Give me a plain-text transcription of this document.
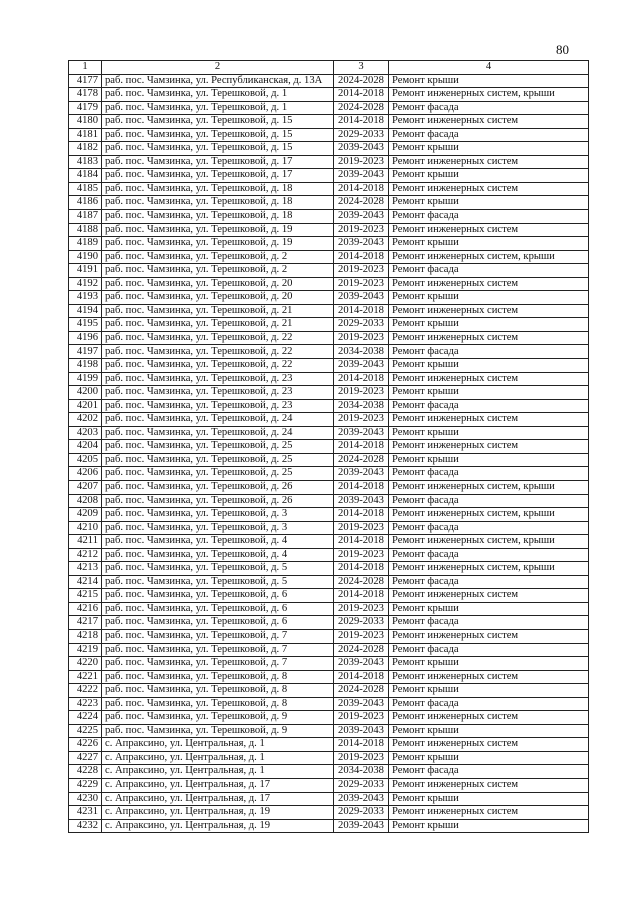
80
1	2	3	4
4177	раб. пос. Чамзинка, ул. Республиканская, д. 13А	2024-2028	Ремонт крыши
4178	раб. пос. Чамзинка, ул. Терешковой, д. 1	2014-2018	Ремонт инженерных систем, крыши
4179	раб. пос. Чамзинка, ул. Терешковой, д. 1	2024-2028	Ремонт фасада
4180	раб. пос. Чамзинка, ул. Терешковой, д. 15	2014-2018	Ремонт инженерных систем
4181	раб. пос. Чамзинка, ул. Терешковой, д. 15	2029-2033	Ремонт фасада
4182	раб. пос. Чамзинка, ул. Терешковой, д. 15	2039-2043	Ремонт крыши
4183	раб. пос. Чамзинка, ул. Терешковой, д. 17	2019-2023	Ремонт инженерных систем
4184	раб. пос. Чамзинка, ул. Терешковой, д. 17	2039-2043	Ремонт крыши
4185	раб. пос. Чамзинка, ул. Терешковой, д. 18	2014-2018	Ремонт инженерных систем
4186	раб. пос. Чамзинка, ул. Терешковой, д. 18	2024-2028	Ремонт крыши
4187	раб. пос. Чамзинка, ул. Терешковой, д. 18	2039-2043	Ремонт фасада
4188	раб. пос. Чамзинка, ул. Терешковой, д. 19	2019-2023	Ремонт инженерных систем
4189	раб. пос. Чамзинка, ул. Терешковой, д. 19	2039-2043	Ремонт крыши
4190	раб. пос. Чамзинка, ул. Терешковой, д. 2	2014-2018	Ремонт инженерных систем, крыши
4191	раб. пос. Чамзинка, ул. Терешковой, д. 2	2019-2023	Ремонт фасада
4192	раб. пос. Чамзинка, ул. Терешковой, д. 20	2019-2023	Ремонт инженерных систем
4193	раб. пос. Чамзинка, ул. Терешковой, д. 20	2039-2043	Ремонт крыши
4194	раб. пос. Чамзинка, ул. Терешковой, д. 21	2014-2018	Ремонт инженерных систем
4195	раб. пос. Чамзинка, ул. Терешковой, д. 21	2029-2033	Ремонт крыши
4196	раб. пос. Чамзинка, ул. Терешковой, д. 22	2019-2023	Ремонт инженерных систем
4197	раб. пос. Чамзинка, ул. Терешковой, д. 22	2034-2038	Ремонт фасада
4198	раб. пос. Чамзинка, ул. Терешковой, д. 22	2039-2043	Ремонт крыши
4199	раб. пос. Чамзинка, ул. Терешковой, д. 23	2014-2018	Ремонт инженерных систем
4200	раб. пос. Чамзинка, ул. Терешковой, д. 23	2019-2023	Ремонт крыши
4201	раб. пос. Чамзинка, ул. Терешковой, д. 23	2034-2038	Ремонт фасада
4202	раб. пос. Чамзинка, ул. Терешковой, д. 24	2019-2023	Ремонт инженерных систем
4203	раб. пос. Чамзинка, ул. Терешковой, д. 24	2039-2043	Ремонт крыши
4204	раб. пос. Чамзинка, ул. Терешковой, д. 25	2014-2018	Ремонт инженерных систем
4205	раб. пос. Чамзинка, ул. Терешковой, д. 25	2024-2028	Ремонт крыши
4206	раб. пос. Чамзинка, ул. Терешковой, д. 25	2039-2043	Ремонт фасада
4207	раб. пос. Чамзинка, ул. Терешковой, д. 26	2014-2018	Ремонт инженерных систем, крыши
4208	раб. пос. Чамзинка, ул. Терешковой, д. 26	2039-2043	Ремонт фасада
4209	раб. пос. Чамзинка, ул. Терешковой, д. 3	2014-2018	Ремонт инженерных систем, крыши
4210	раб. пос. Чамзинка, ул. Терешковой, д. 3	2019-2023	Ремонт фасада
4211	раб. пос. Чамзинка, ул. Терешковой, д. 4	2014-2018	Ремонт инженерных систем, крыши
4212	раб. пос. Чамзинка, ул. Терешковой, д. 4	2019-2023	Ремонт фасада
4213	раб. пос. Чамзинка, ул. Терешковой, д. 5	2014-2018	Ремонт инженерных систем, крыши
4214	раб. пос. Чамзинка, ул. Терешковой, д. 5	2024-2028	Ремонт фасада
4215	раб. пос. Чамзинка, ул. Терешковой, д. 6	2014-2018	Ремонт инженерных систем
4216	раб. пос. Чамзинка, ул. Терешковой, д. 6	2019-2023	Ремонт крыши
4217	раб. пос. Чамзинка, ул. Терешковой, д. 6	2029-2033	Ремонт фасада
4218	раб. пос. Чамзинка, ул. Терешковой, д. 7	2019-2023	Ремонт инженерных систем
4219	раб. пос. Чамзинка, ул. Терешковой, д. 7	2024-2028	Ремонт фасада
4220	раб. пос. Чамзинка, ул. Терешковой, д. 7	2039-2043	Ремонт крыши
4221	раб. пос. Чамзинка, ул. Терешковой, д. 8	2014-2018	Ремонт инженерных систем
4222	раб. пос. Чамзинка, ул. Терешковой, д. 8	2024-2028	Ремонт крыши
4223	раб. пос. Чамзинка, ул. Терешковой, д. 8	2039-2043	Ремонт фасада
4224	раб. пос. Чамзинка, ул. Терешковой, д. 9	2019-2023	Ремонт инженерных систем
4225	раб. пос. Чамзинка, ул. Терешковой, д. 9	2039-2043	Ремонт крыши
4226	с. Апраксино, ул. Центральная, д. 1	2014-2018	Ремонт инженерных систем
4227	с. Апраксино, ул. Центральная, д. 1	2019-2023	Ремонт крыши
4228	с. Апраксино, ул. Центральная, д. 1	2034-2038	Ремонт фасада
4229	с. Апраксино, ул. Центральная, д. 17	2029-2033	Ремонт инженерных систем
4230	с. Апраксино, ул. Центральная, д. 17	2039-2043	Ремонт крыши
4231	с. Апраксино, ул. Центральная, д. 19	2029-2033	Ремонт инженерных систем
4232	с. Апраксино, ул. Центральная, д. 19	2039-2043	Ремонт крыши
